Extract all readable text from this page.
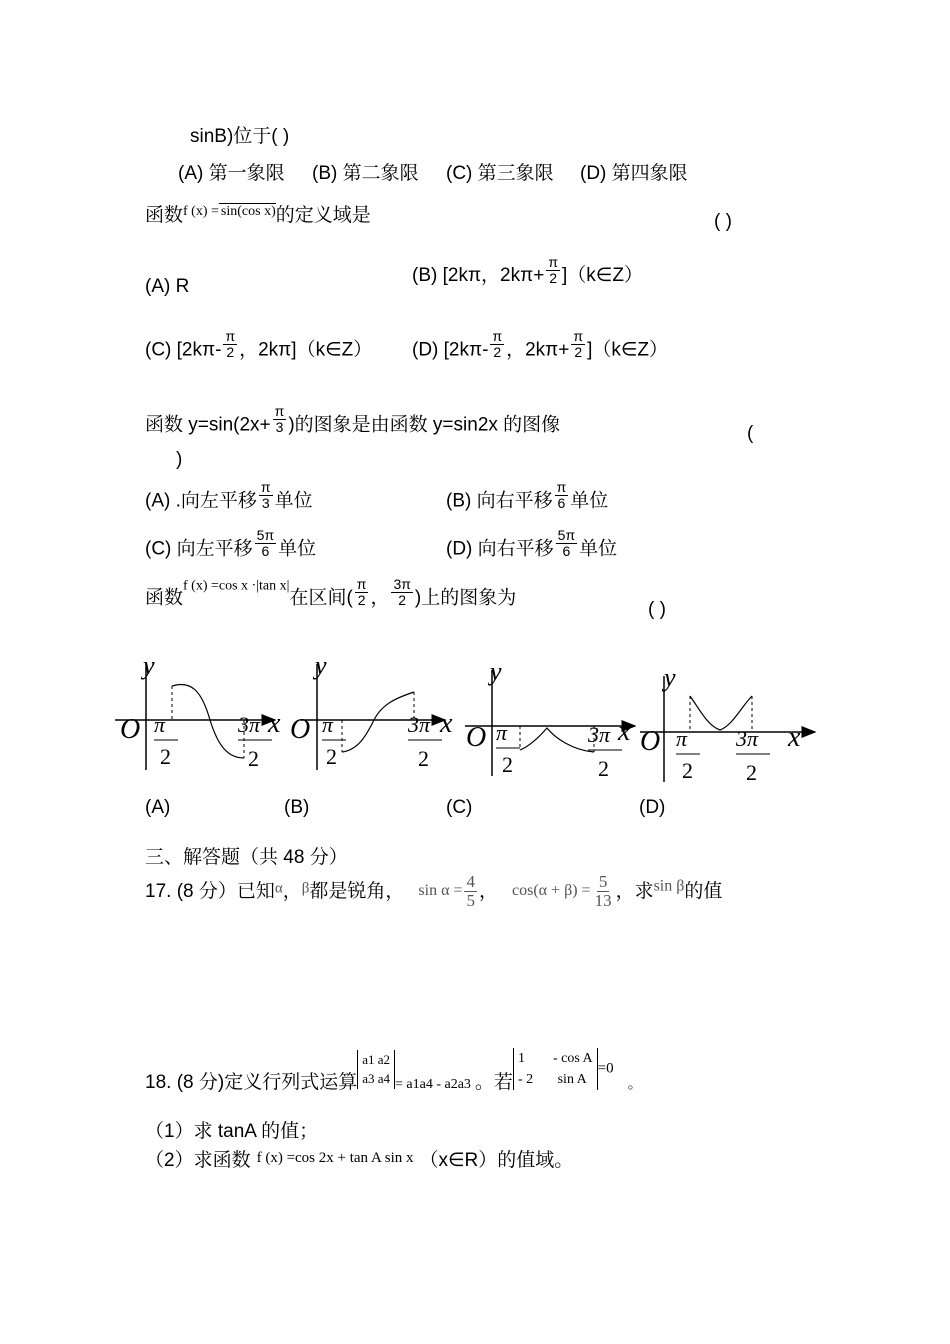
sinB)位于( )
(A) 第一象限 (B) 第二象限 (C) 第三象限 (D) 第四象限
函数$^{f (x) = sin(cos x)}$的定义域是	( )
(A) R
(B) [2kπ，$2k\pi+ \frac{\pi}{2}$ ]（k∈Z）
(C) [$2k\pi- \frac{\pi}{2}$ ，2kπ]（k∈Z） (D) [$2k\pi- \frac{\pi}{2}$ ，$2k\pi+ \frac{\pi}{2}$ ]（k∈Z）
函数 $y=\sin(2x+ \frac{\pi}{3}$ )的图象是由函数 y=sin2x 的图像	(
)
(A) .向左平移 $\frac{\pi}{3}$ 单位	(B) 向右平移 $\frac{\pi}{6}$ 单位
(C) 向左平移 $\frac{5\pi}{6}$ 单位	(D) 向右平移 $\frac{5\pi}{6}$ 单位
函数$^{f (x) =cos x \cdot|tan x|}$在区间( $\frac{\pi}{2}$ ， $\frac{3\pi}{2}$ )上的图象为
( )
y
O π
2
3π
2
x
y
O π
2
3π
2
x
y
O π
2
3π
2
x
y
O π
2
3π
2
x
(A)	(B)	(C)	(D)
三、解答题（共 48 分）
17. (8 分）已知$^\alpha$，$^\beta$都是锐角， $\sin \alpha = \frac{4}{5}$ ， $\cos(\alpha + \beta) = \frac{5}{13}$ ，求$^{sin \beta}$的值
18. (8 分)定义行列式运算
a1 a2
a3 a4 $_{= a1a4 - a2a3}$ 。若
1        - cos A
- 2       sin A
$=0_。$
（1）求 tanA 的值；
（2）求函数 $^{f (x) =cos 2x + tan A sin x}$ （x∈R）的值域。
